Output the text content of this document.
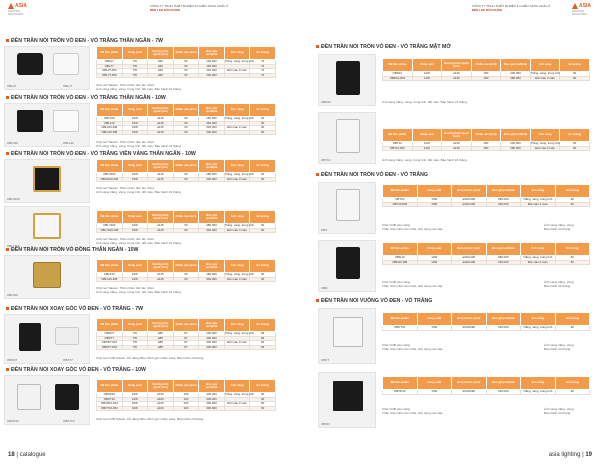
CÔNG TY TNHH THIẾT BỊ ĐIỆN & CHIẾU SÁNG CHÂU Á
ĐÈN LED DÂN DỤNG
ASIA
LIGHTING SOLUTIONS
ĐÈN TRẦN NỔI TRÒN VỎ ĐEN - VỎ TRẮNG THÂN NGẮN - 7W
OBL07	OBL77
Mã Sản phẩm	Công suất	Đường kính ngoài (mm)	Chiều cao (mm)	Đơn giá (vnđ)/cái	Ánh sáng	Số lượng
OBL07	7W	ø90	52	160.000	Trắng, vàng, trung tính	72
OBL77	7W	ø90	52	160.000		72
OBL07-DM	7W	ø90	52	220.000	Đổi màu 3 màu	72
OBL77-DM	7W	ø90	52	220.000		72
Chip led Taiwan. Thân nhôm đúc tản nhiệt.
Ánh sáng trắng, vàng, trung tính, đổi màu. Bảo hành 24 tháng.
ĐÈN TRẦN NỔI TRÒN VỎ ĐEN - VỎ TRẮNG THÂN NGẮN - 10W
OBL010	OBL110
Mã Sản phẩm	Công suất	Đường kính ngoài (mm)	Chiều cao (mm)	Đơn giá (vnđ)/cái	Ánh sáng	Số lượng
OBL010	10W	ø115	60	260.000	Trắng, vàng, trung tính	60
OBL110	10W	ø115	60	260.000		60
OBL010-DM	10W	ø115	60	320.000	Đổi màu 3 màu	60
OBL110-DM	10W	ø115	60	320.000		60
Chip led Taiwan. Thân nhôm đúc tản nhiệt.
Ánh sáng trắng, vàng, trung tính, đổi màu. Bảo hành 24 tháng.
ĐÈN TRẦN NỔI TRÒN VỎ ĐEN - VỎ TRẮNG VIỀN VÀNG THÂN NGẮN - 10W
OBL9100
Mã Sản phẩm	Công suất	Đường kính ngoài (mm)	Chiều cao (mm)	Đơn giá (vnđ)/cái	Ánh sáng	Số lượng
OBL9100	10W	ø115	60	280.000	Trắng, vàng, trung tính	60
OBL9100-DM	10W	ø115	60	340.000	Đổi màu 3 màu	60
Chip led Taiwan. Thân nhôm đúc tản nhiệt.
Ánh sáng trắng, vàng, trung tính, đổi màu. Bảo hành 24 tháng.
OBL7100
Mã Sản phẩm	Công suất	Đường kính ngoài (mm)	Chiều cao (mm)	Đơn giá (vnđ)/cái	Ánh sáng	Số lượng
OBL7100	10W	ø115	60	280.000	Trắng, vàng, trung tính	60
OBL7100-DM	10W	ø115	60	340.000	Đổi màu 3 màu	60
Chip led Taiwan. Thân nhôm đúc tản nhiệt.
Ánh sáng trắng, vàng, trung tính, đổi màu. Bảo hành 24 tháng.
ĐÈN TRẦN NỔI TRÒN VỎ ĐỒNG THÂN NGẮN - 10W
OBL610
Mã Sản phẩm	Công suất	Đường kính ngoài (mm)	Chiều cao (mm)	Đơn giá (vnđ)/cái	Ánh sáng	Số lượng
OBL610	10W	ø115	60	280.000	Trắng, vàng, trung tính	60
OBL610-DM	10W	ø115	60	340.000	Đổi màu 3 màu	60
Chip led Taiwan. Thân nhôm đúc tản nhiệt.
Ánh sáng trắng, vàng, trung tính, đổi màu. Bảo hành 24 tháng.
ĐÈN TRẦN NỔI XOAY GÓC VỎ ĐEN - VỎ TRẮNG - 7W
OBXD7	OBXT7
Mã Sản phẩm	Công suất	Đường kính ngoài (mm)	Chiều cao (mm)	Đơn giá (vnđ)/cái	Ánh sáng	Số lượng
OBXD7	7W	ø85	87	290.000	Trắng, vàng, trung tính	84
OBXT7	7W	ø85	87	290.000		84
OBXD7-DM	7W	ø85	87	330.000	Đổi màu 3 màu	84
OBXT7-DM	7W	ø85	87	330.000		84
Chip led COB Taiwan. Dễ dàng điều chỉnh góc chiếu sáng. Bảo hành 24 tháng.
ĐÈN TRẦN NỔI XOAY GÓC VỎ ĐEN - VỎ TRẮNG - 10W
OBXD10	OBXT10
Mã Sản phẩm	Công suất	Đường kính ngoài (mm)	Chiều cao (mm)	Đơn giá (vnđ)/cái	Ánh sáng	Số lượng
OBXD10	10W	ø100	100	330.000	Trắng, vàng, trung tính	60
OBXT10	10W	ø100	100	330.000		60
OBXD10-DM	10W	ø100	100	390.000	Đổi màu 3 màu	60
OBXT10-DM	10W	ø100	100	390.000		60
Chip led COB Taiwan. Dễ dàng điều chỉnh góc chiếu sáng. Bảo hành 24 tháng.
18 | catalogue
CÔNG TY TNHH THIẾT BỊ ĐIỆN & CHIẾU SÁNG CHÂU Á
ĐÈN LED DÂN DỤNG
ASIA
LIGHTING SOLUTIONS
ĐÈN TRẦN NỔI TRÒN VỎ ĐEN - VỎ TRẮNG MẶT MỞ
OBD12
Mã Sản phẩm	Công suất	Đường kính ngoài (mm)	Chiều cao (mm)	Đơn giá (vnđ)/cái	Ánh sáng	Số lượng
OBD12	12W	ø130	180	230.000	Trắng, vàng, trung tính	60
OBD12-DM	12W	ø130	180	280.000	Đổi màu 3 màu	60
Ánh sáng trắng, vàng, trung tính, đổi màu. Bảo hành 24 tháng.
OBT12
Mã Sản phẩm	Công suất	Đường kính ngoài (mm)	Chiều cao (mm)	Đơn giá (vnđ)/cái	Ánh sáng	Số lượng
OBT12	12W	ø130	180	230.000	Trắng, vàng, trung tính	60
OBT12-DM	12W	ø130	180	280.000	Đổi màu 3 màu	60
Ánh sáng trắng, vàng, trung tính, đổi màu. Bảo hành 24 tháng.
ĐÈN TRẦN NỔI TRÒN VỎ ĐEN - VỎ TRẮNG
OBT
Mã Sản phẩm	Công suất	Kích thước (mm)	Đơn giá (vnđ)/cái	Ánh sáng	Số lượng
OBT10	10W	ø100x100	280.000	Trắng, vàng, trung tính	60
OBT10-DM	10W	ø100x100	340.000	Đổi màu 3 màu	60
Chip COB siêu sáng.
Thân nhôm đúc tản nhiệt, ánh sáng cao cấp.
Ánh sáng trắng, vàng.
Bảo hành 24 tháng.
OBD
Mã Sản phẩm	Công suất	Kích thước (mm)	Đơn giá (vnđ)/cái	Ánh sáng	Số lượng
OBD10	10W	ø100x100	280.000	Trắng, vàng, trung tính	60
OBD10-DM	10W	ø100x100	340.000	Đổi màu 3 màu	60
Chip COB siêu sáng.
Thân nhôm đúc tản nhiệt, ánh sáng cao cấp.
Ánh sáng trắng, vàng.
Bảo hành 24 tháng.
ĐÈN TRẦN NỔI VUÔNG VỎ ĐEN - VỎ TRẮNG
OBVT
Mã Sản phẩm	Công suất	Kích thước (mm)	Đơn giá (vnđ)/cái	Ánh sáng	Số lượng
OBVT10	10W	90x90x90	340.000	Trắng, vàng, trung tính	60
Chip COB siêu sáng.
Thân nhôm đúc tản nhiệt, ánh sáng cao cấp.
Ánh sáng trắng, vàng.
Bảo hành 24 tháng.
OBVD
Mã Sản phẩm	Công suất	Kích thước (mm)	Đơn giá (vnđ)/cái	Ánh sáng	Số lượng
OBVD10	10W	90x90x90	340.000	Trắng, vàng, trung tính	60
Chip COB siêu sáng.
Thân nhôm đúc tản nhiệt, ánh sáng cao cấp.
Ánh sáng trắng, vàng.
Bảo hành 24 tháng.
asia lighting | 19
